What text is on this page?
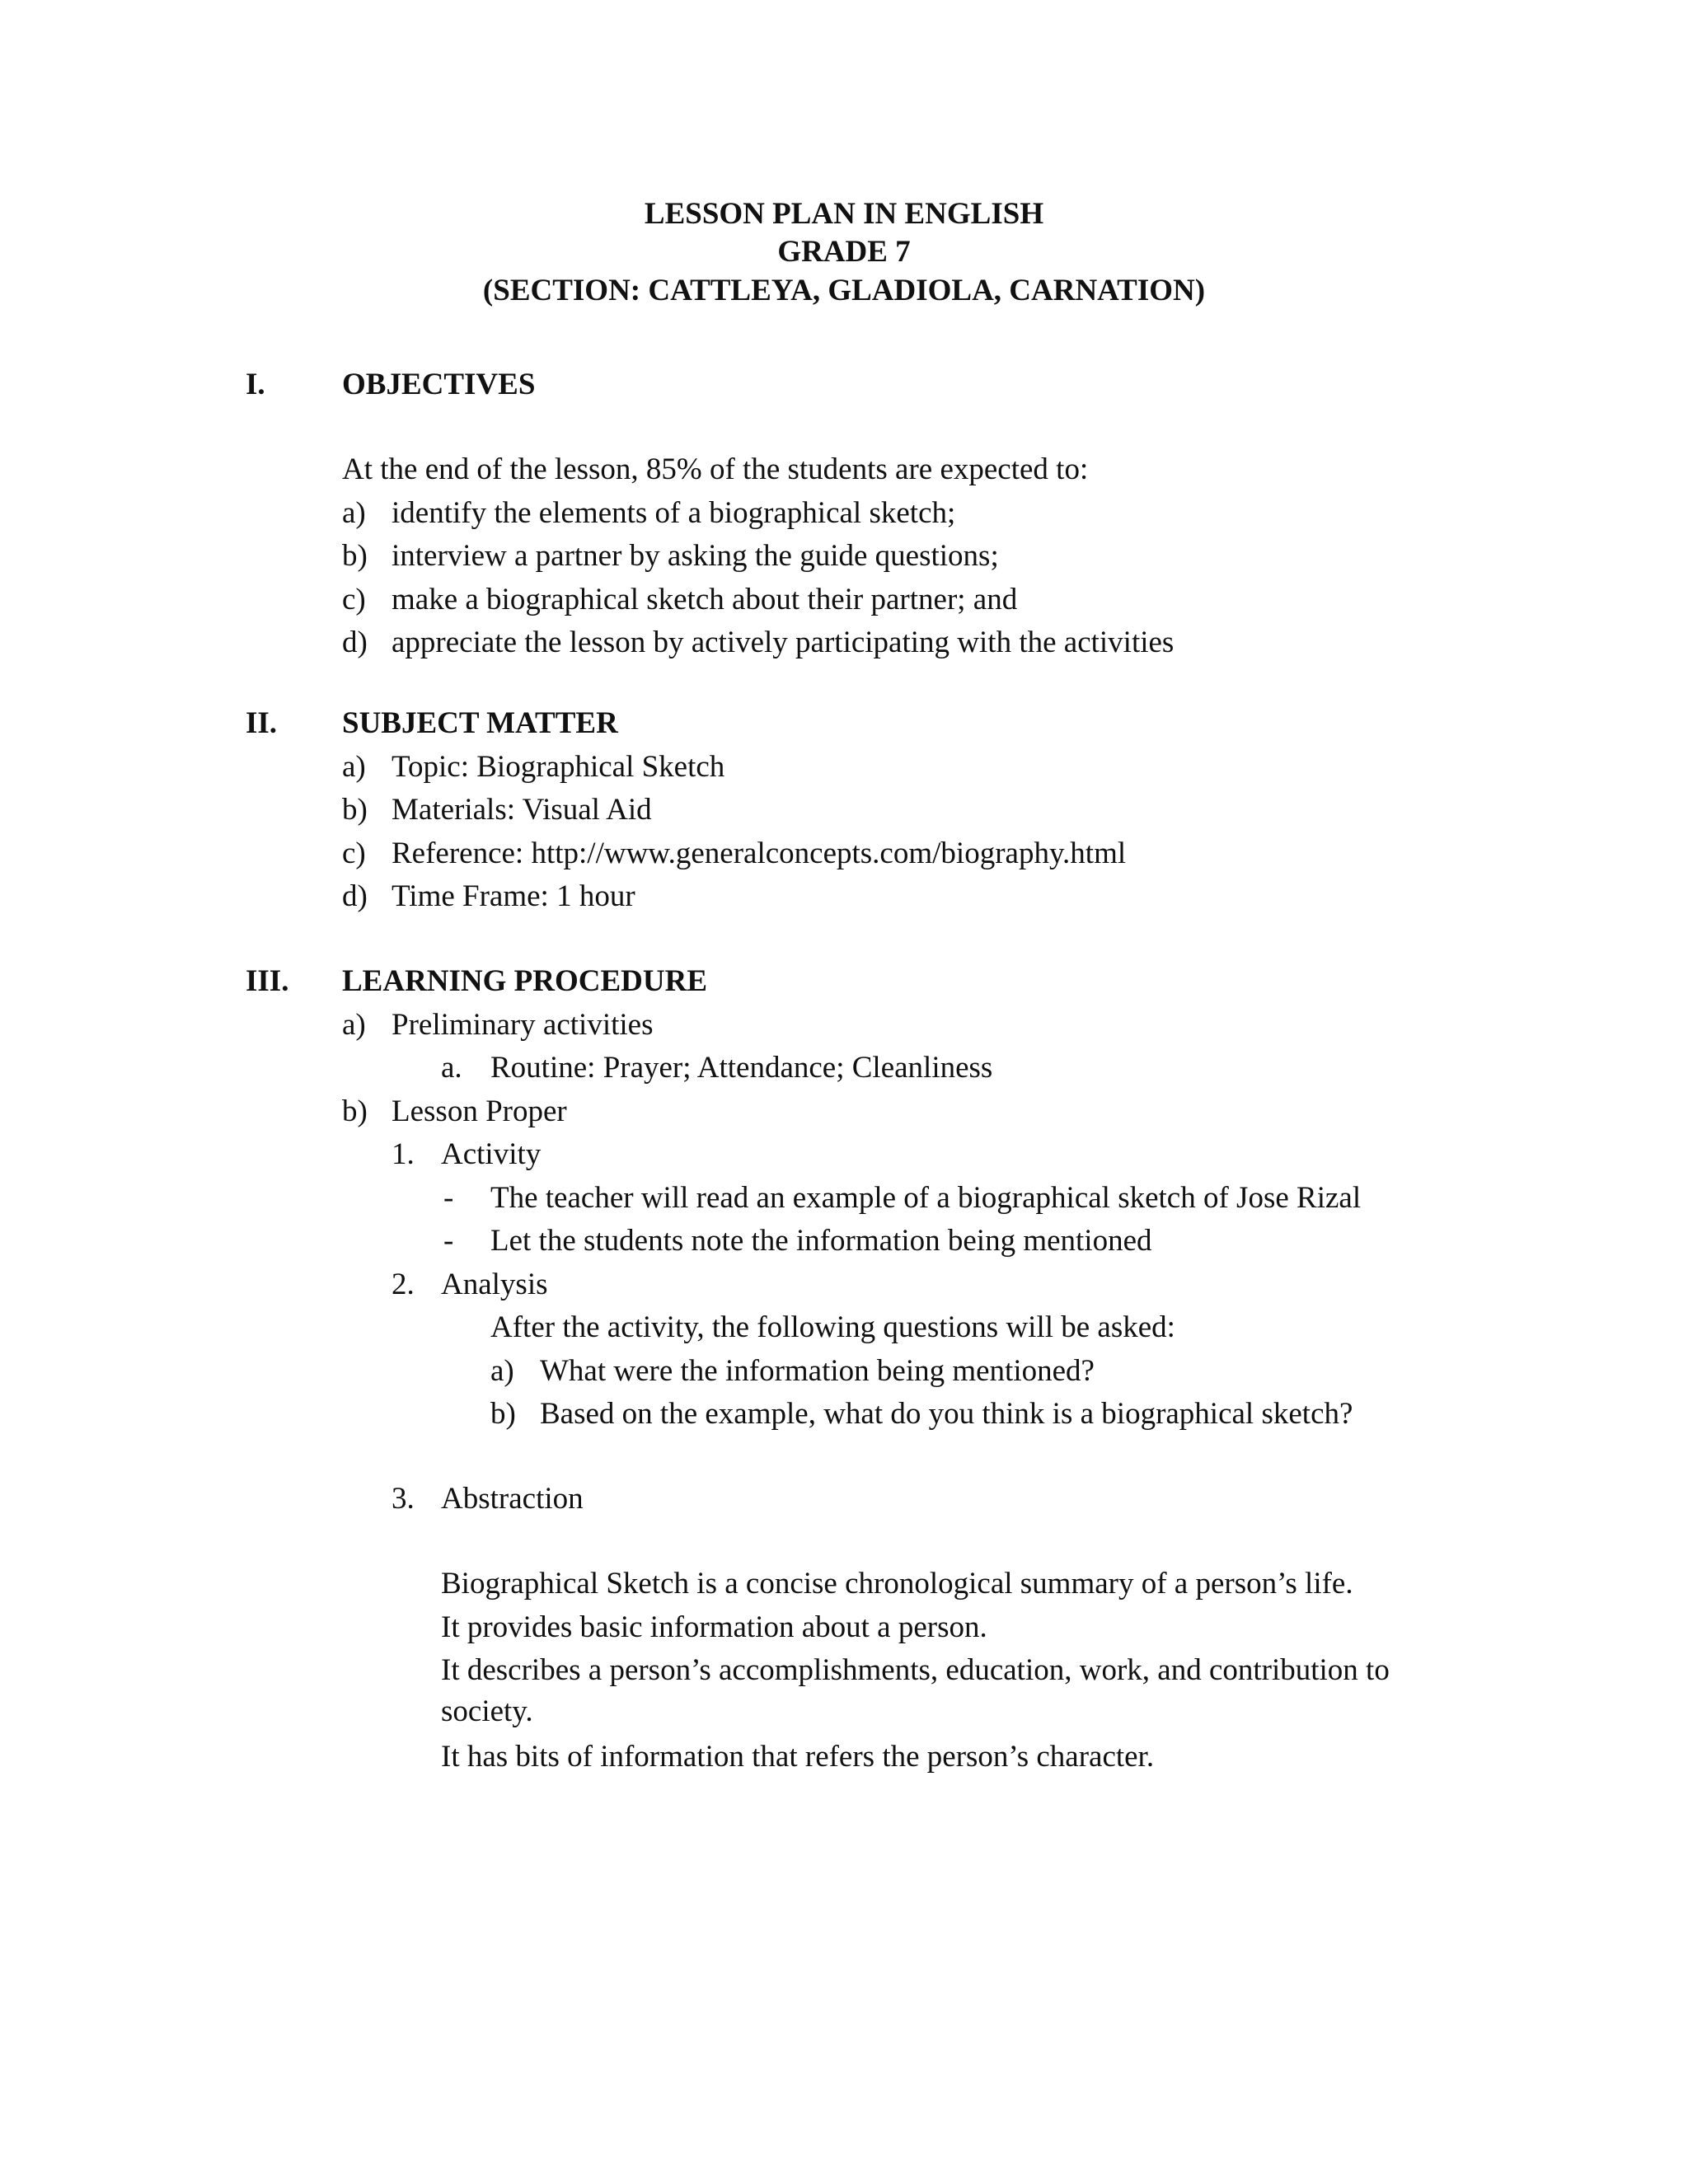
LESSON PLAN IN ENGLISH
GRADE 7
(SECTION: CATTLEYA, GLADIOLA, CARNATION)
I.	OBJECTIVES
At the end of the lesson, 85% of the students are expected to:
a) identify the elements of a biographical sketch;
b) interview a partner by asking the guide questions;
c) make a biographical sketch about their partner; and
d) appreciate the lesson by actively participating with the activities
II. SUBJECT MATTER
a) Topic: Biographical Sketch
b) Materials: Visual Aid
c) Reference: http://www.generalconcepts.com/biography.html
d) Time Frame: 1 hour
III. LEARNING PROCEDURE
a) Preliminary activities
a. Routine: Prayer; Attendance; Cleanliness
b) Lesson Proper
1. Activity
- The teacher will read an example of a biographical sketch of Jose Rizal
- Let the students note the information being mentioned
2. Analysis
After the activity, the following questions will be asked:
a) What were the information being mentioned?
b) Based on the example, what do you think is a biographical sketch?
3. Abstraction
Biographical Sketch is a concise chronological summary of a person’s life.
It provides basic information about a person.
It describes a person’s accomplishments, education, work, and contribution to
society.
It has bits of information that refers the person’s character.
